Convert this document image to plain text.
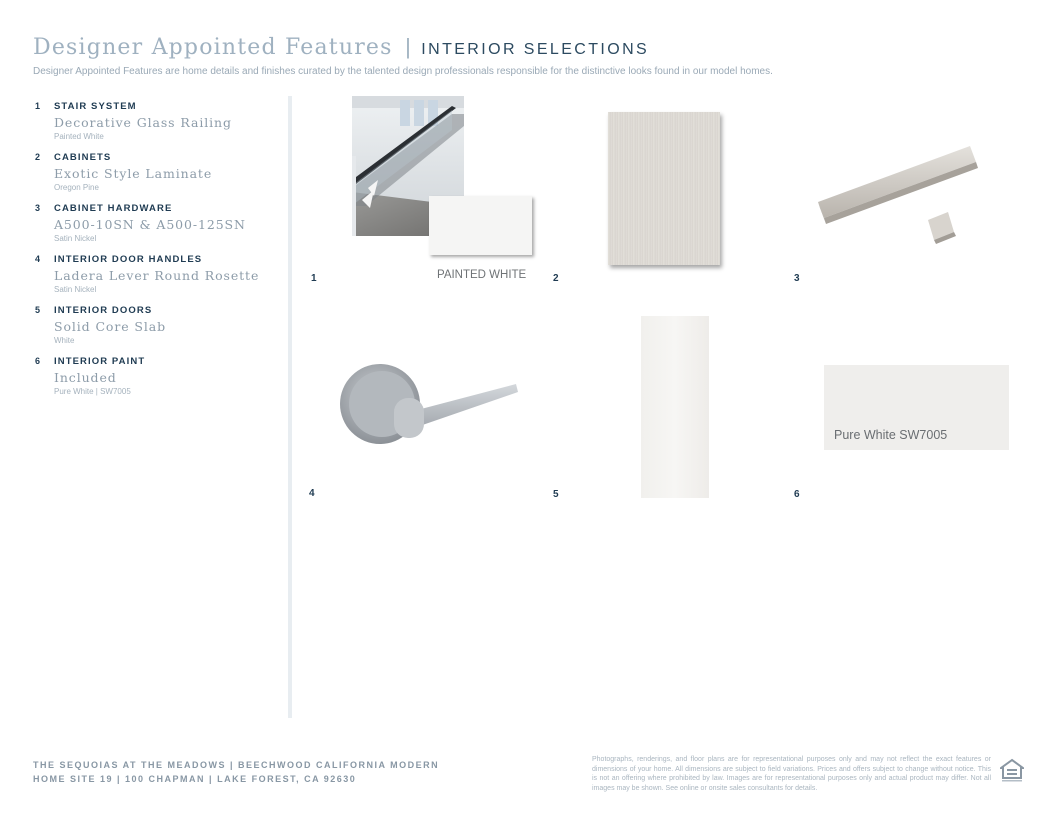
Designer Appointed Features | INTERIOR SELECTIONS
Designer Appointed Features are home details and finishes curated by the talented design professionals responsible for the distinctive looks found in our model homes.
1 STAIR SYSTEM
Decorative Glass Railing
Painted White
2 CABINETS
Exotic Style Laminate
Oregon Pine
3 CABINET HARDWARE
A500-10SN & A500-125SN
Satin Nickel
4 INTERIOR DOOR HANDLES
Ladera Lever Round Rosette
Satin Nickel
5 INTERIOR DOORS
Solid Core Slab
White
6 INTERIOR PAINT
Included
Pure White | SW7005
PAINTED WHITE
1	2	3
4	5
Pure White SW7005
6
THE SEQUOIAS AT THE MEADOWS | BEECHWOOD CALIFORNIA MODERN
HOME SITE 19 | 100 CHAPMAN | LAKE FOREST, CA 92630
Photographs, renderings, and floor plans are for representational purposes only and may not reflect the exact features or dimensions of your home. All dimensions are subject to field variations. Prices and offers subject to change without notice. This is not an offering where prohibited by law. Images are for representational purposes only and actual product may differ. Not all images may be shown. See online or onsite sales consultants for details.
